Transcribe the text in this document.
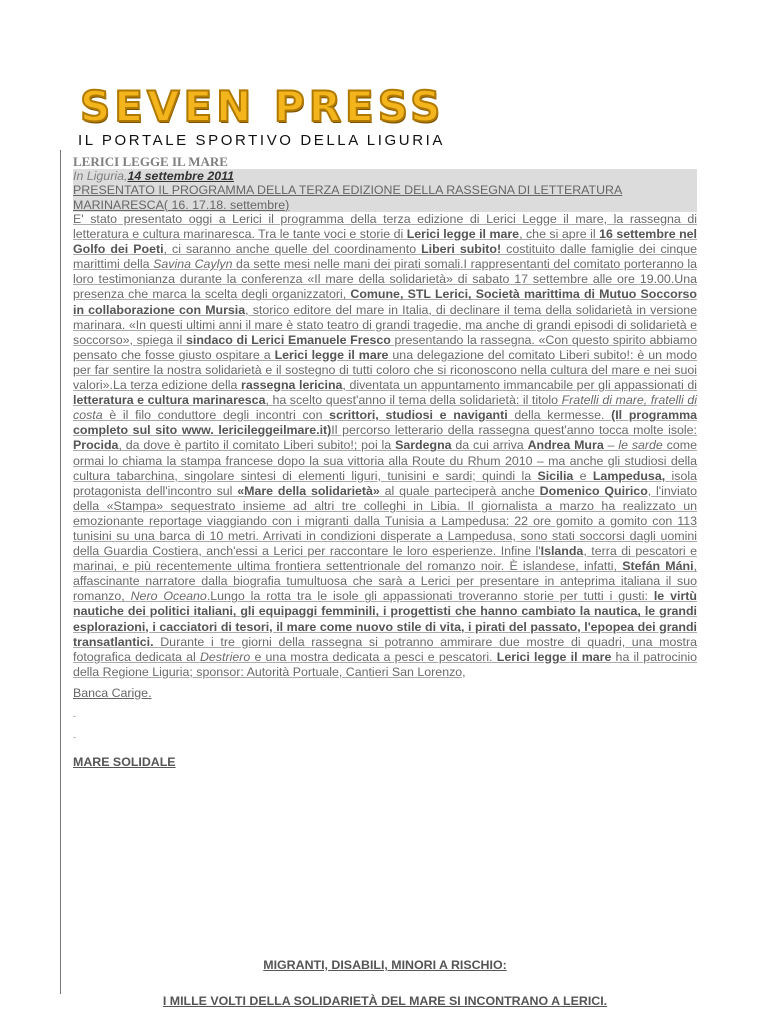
SEVEN PRESS
IL PORTALE SPORTIVO DELLA LIGURIA
LERICI LEGGE IL MARE
In Liguria,14 settembre 2011
PRESENTATO IL PROGRAMMA DELLA TERZA EDIZIONE DELLA RASSEGNA DI LETTERATURA MARINARESCA( 16. 17.18. settembre)
E' stato presentato oggi a Lerici il programma della terza edizione di Lerici Legge il mare, la rassegna di letteratura e cultura marinaresca. Tra le tante voci e storie di Lerici legge il mare, che si apre il 16 settembre nel Golfo dei Poeti, ci saranno anche quelle del coordinamento Liberi subito! costituito dalle famiglie dei cinque marittimi della Savina Caylyn da sette mesi nelle mani dei pirati somali.I rappresentanti del comitato porteranno la loro testimonianza durante la conferenza «Il mare della solidarietà» di sabato 17 settembre alle ore 19.00.Una presenza che marca la scelta degli organizzatori, Comune, STL Lerici, Società marittima di Mutuo Soccorso in collaborazione con Mursia, storico editore del mare in Italia, di declinare il tema della solidarietà in versione marinara. «In questi ultimi anni il mare è stato teatro di grandi tragedie, ma anche di grandi episodi di solidarietà e soccorso», spiega il sindaco di Lerici Emanuele Fresco presentando la rassegna. «Con questo spirito abbiamo pensato che fosse giusto ospitare a Lerici legge il mare una delegazione del comitato Liberi subito!: è un modo per far sentire la nostra solidarietà e il sostegno di tutti coloro che si riconoscono nella cultura del mare e nei suoi valori».La terza edizione della rassegna lericina, diventata un appuntamento immancabile per gli appassionati di letteratura e cultura marinaresca, ha scelto quest'anno il tema della solidarietà: il titolo Fratelli di mare, fratelli di costa è il filo conduttore degli incontri con scrittori, studiosi e naviganti della kermesse. (Il programma completo sul sito www. lericileggeilmare.it)Il percorso letterario della rassegna quest'anno tocca molte isole: Procida, da dove è partito il comitato Liberi subito!; poi la Sardegna da cui arriva Andrea Mura – le sarde come ormai lo chiama la stampa francese dopo la sua vittoria alla Route du Rhum 2010 – ma anche gli studiosi della cultura tabarchina, singolare sintesi di elementi liguri, tunisini e sardi; quindi la Sicilia e Lampedusa, isola protagonista dell'incontro sul «Mare della solidarietà» al quale parteciperà anche Domenico Quirico, l'inviato della «Stampa» sequestrato insieme ad altri tre colleghi in Libia. Il giornalista a marzo ha realizzato un emozionante reportage viaggiando con i migranti dalla Tunisia a Lampedusa: 22 ore gomito a gomito con 113 tunisini su una barca di 10 metri. Arrivati in condizioni disperate a Lampedusa, sono stati soccorsi dagli uomini della Guardia Costiera, anch'essi a Lerici per raccontare le loro esperienze. Infine l'Islanda, terra di pescatori e marinai, e più recentemente ultima frontiera settentrionale del romanzo noir. È islandese, infatti, Stefán Máni, affascinante narratore dalla biografia tumultuosa che sarà a Lerici per presentare in anteprima italiana il suo romanzo, Nero Oceano.Lungo la rotta tra le isole gli appassionati troveranno storie per tutti i gusti: le virtù nautiche dei politici italiani, gli equipaggi femminili, i progettisti che hanno cambiato la nautica, le grandi esplorazioni, i cacciatori di tesori, il mare come nuovo stile di vita, i pirati del passato, l'epopea dei grandi transatlantici. Durante i tre giorni della rassegna si potranno ammirare due mostre di quadri, una mostra fotografica dedicata al Destriero e una mostra dedicata a pesci e pescatori. Lerici legge il mare ha il patrocinio della Regione Liguria; sponsor: Autorità Portuale, Cantieri San Lorenzo,
Banca Carige.
-
-
MARE SOLIDALE
MIGRANTI, DISABILI, MINORI A RISCHIO:
I MILLE VOLTI DELLA SOLIDARIETÀ DEL MARE SI INCONTRANO A LERICI.
